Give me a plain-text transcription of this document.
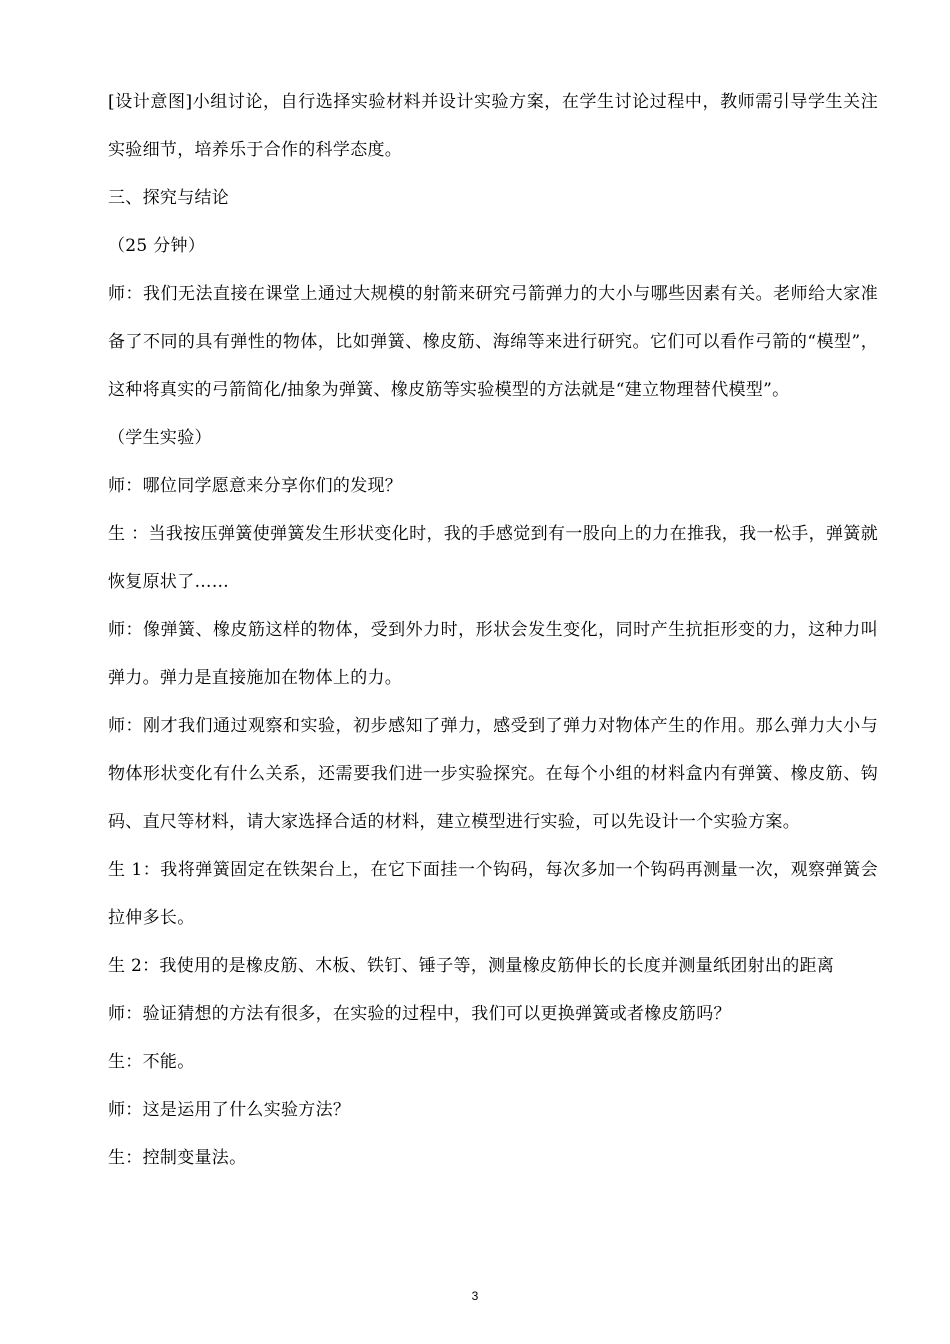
[设计意图]小组讨论，自行选择实验材料并设计实验方案，在学生讨论过程中，教师需引导学生关注实验细节，培养乐于合作的科学态度。

三、探究与结论

（25 分钟）

师：我们无法直接在课堂上通过大规模的射箭来研究弓箭弹力的大小与哪些因素有关。老师给大家准备了不同的具有弹性的物体，比如弹簧、橡皮筋、海绵等来进行研究。它们可以看作弓箭的“模型”，这种将真实的弓箭简化/抽象为弹簧、橡皮筋等实验模型的方法就是“建立物理替代模型”。

（学生实验）

师：哪位同学愿意来分享你们的发现？

生 ：当我按压弹簧使弹簧发生形状变化时，我的手感觉到有一股向上的力在推我，我一松手，弹簧就恢复原状了……

师：像弹簧、橡皮筋这样的物体，受到外力时，形状会发生变化，同时产生抗拒形变的力，这种力叫弹力。弹力是直接施加在物体上的力。

师：刚才我们通过观察和实验，初步感知了弹力，感受到了弹力对物体产生的作用。那么弹力大小与物体形状变化有什么关系，还需要我们进一步实验探究。在每个小组的材料盒内有弹簧、橡皮筋、钩码、直尺等材料，请大家选择合适的材料，建立模型进行实验，可以先设计一个实验方案。

生 1：我将弹簧固定在铁架台上，在它下面挂一个钩码，每次多加一个钩码再测量一次，观察弹簧会拉伸多长。

生 2：我使用的是橡皮筋、木板、铁钉、锤子等，测量橡皮筋伸长的长度并测量纸团射出的距离

师：验证猜想的方法有很多，在实验的过程中，我们可以更换弹簧或者橡皮筋吗？

生：不能。

师：这是运用了什么实验方法？

生：控制变量法。

3
